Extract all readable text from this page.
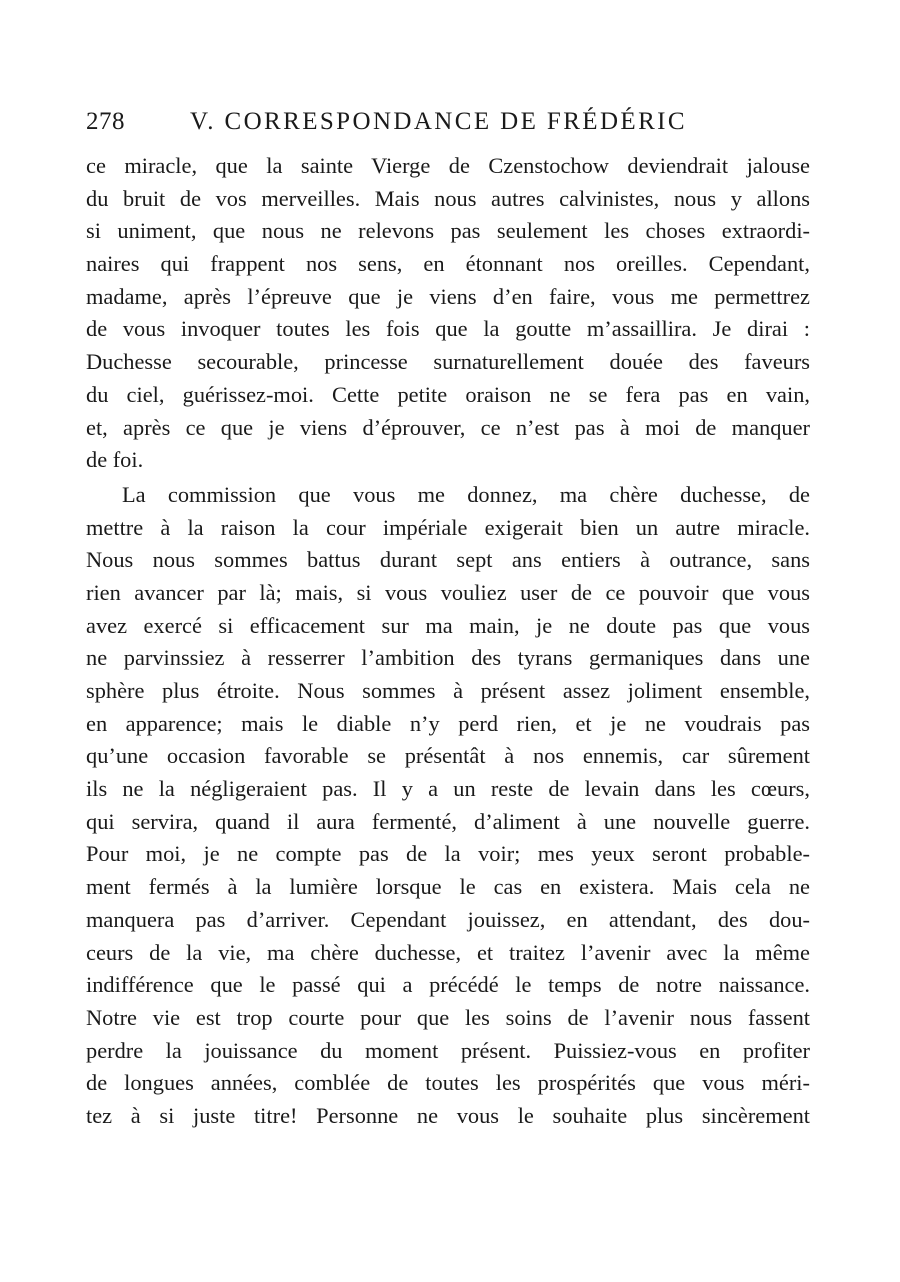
278	V. CORRESPONDANCE DE FRÉDÉRIC
ce miracle, que la sainte Vierge de Czenstochow deviendrait jalouse
du bruit de vos merveilles. Mais nous autres calvinistes, nous y allons
si uniment, que nous ne relevons pas seulement les choses extraordi-
naires qui frappent nos sens, en étonnant nos oreilles. Cependant,
madame, après l’épreuve que je viens d’en faire, vous me permettrez
de vous invoquer toutes les fois que la goutte m’assaillira. Je dirai :
Duchesse secourable, princesse surnaturellement douée des faveurs
du ciel, guérissez-moi. Cette petite oraison ne se fera pas en vain,
et, après ce que je viens d’éprouver, ce n’est pas à moi de manquer
de foi.
La commission que vous me donnez, ma chère duchesse, de
mettre à la raison la cour impériale exigerait bien un autre miracle.
Nous nous sommes battus durant sept ans entiers à outrance, sans
rien avancer par là; mais, si vous vouliez user de ce pouvoir que vous
avez exercé si efficacement sur ma main, je ne doute pas que vous
ne parvinssiez à resserrer l’ambition des tyrans germaniques dans une
sphère plus étroite. Nous sommes à présent assez joliment ensemble,
en apparence; mais le diable n’y perd rien, et je ne voudrais pas
qu’une occasion favorable se présentât à nos ennemis, car sûrement
ils ne la négligeraient pas. Il y a un reste de levain dans les cœurs,
qui servira, quand il aura fermenté, d’aliment à une nouvelle guerre.
Pour moi, je ne compte pas de la voir; mes yeux seront probable-
ment fermés à la lumière lorsque le cas en existera. Mais cela ne
manquera pas d’arriver. Cependant jouissez, en attendant, des dou-
ceurs de la vie, ma chère duchesse, et traitez l’avenir avec la même
indifférence que le passé qui a précédé le temps de notre naissance.
Notre vie est trop courte pour que les soins de l’avenir nous fassent
perdre la jouissance du moment présent. Puissiez-vous en profiter
de longues années, comblée de toutes les prospérités que vous méri-
tez à si juste titre! Personne ne vous le souhaite plus sincèrement
